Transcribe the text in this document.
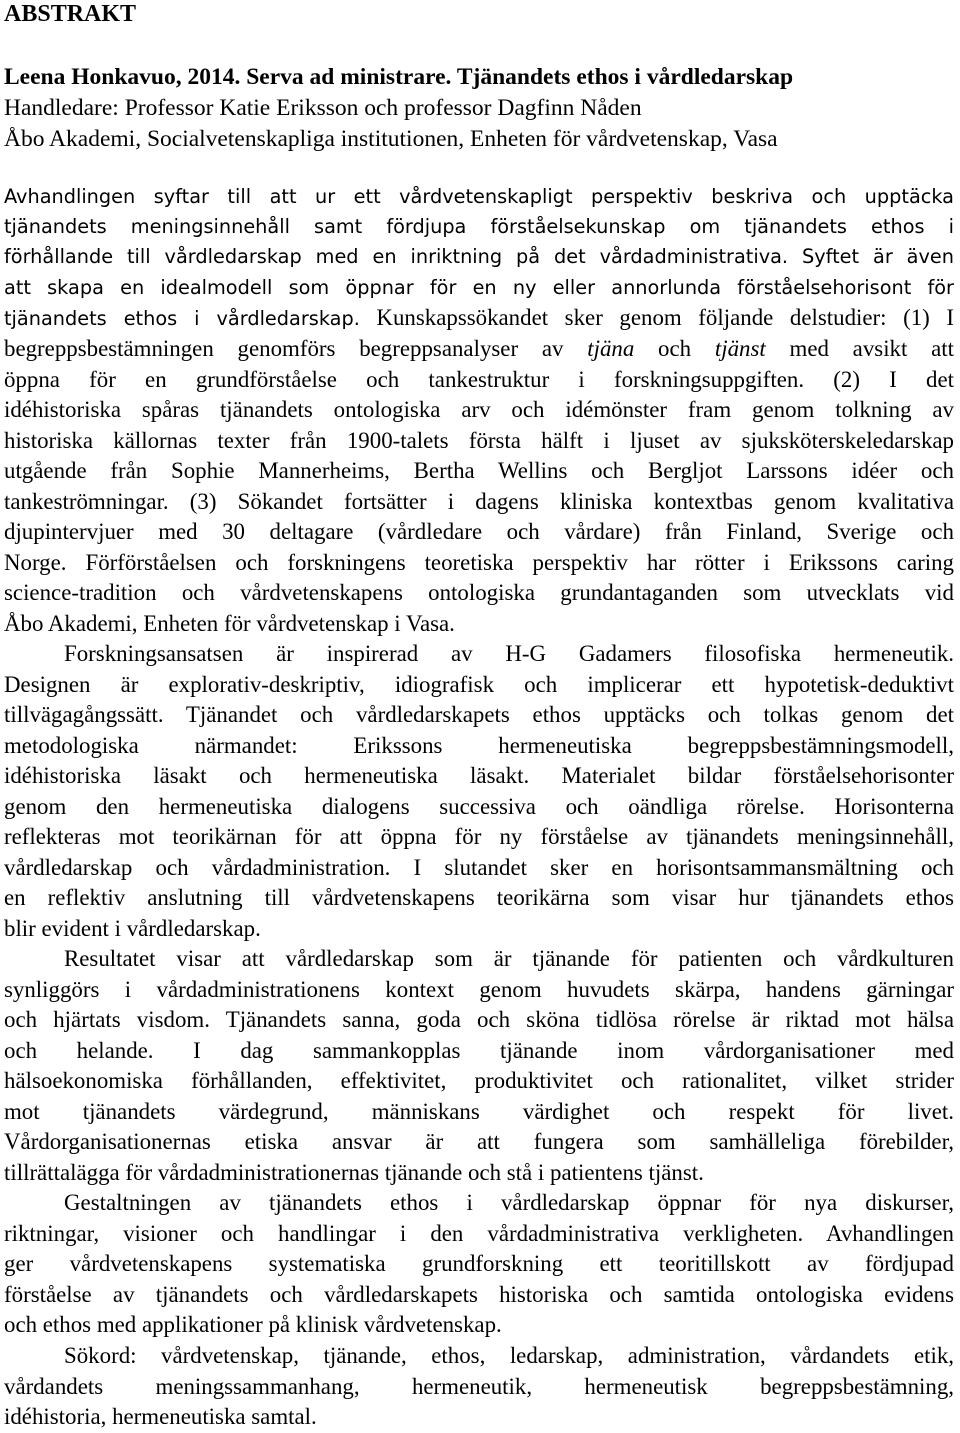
ABSTRAKT
Leena Honkavuo, 2014. Serva ad ministrare. Tjänandets ethos i vårdledarskap
Handledare: Professor Katie Eriksson och professor Dagfinn Nåden
Åbo Akademi, Socialvetenskapliga institutionen, Enheten för vårdvetenskap, Vasa
Avhandlingen syftar till att ur ett vårdvetenskapligt perspektiv beskriva och upptäcka
tjänandets meningsinnehåll samt fördjupa förståelsekunskap om tjänandets ethos i
förhållande till vårdledarskap med en inriktning på det vårdadministrativa. Syftet är även
att skapa en idealmodell som öppnar för en ny eller annorlunda förståelsehorisont för
tjänandets ethos i vårdledarskap. Kunskapssökandet sker genom följande delstudier: (1) I
begreppsbestämningen genomförs begreppsanalyser av tjäna och tjänst med avsikt att
öppna för en grundförståelse och tankestruktur i forskningsuppgiften. (2) I det
idéhistoriska spåras tjänandets ontologiska arv och idémönster fram genom tolkning av
historiska källornas texter från 1900-talets första hälft i ljuset av sjuksköterskeledarskap
utgående från Sophie Mannerheims, Bertha Wellins och Bergljot Larssons idéer och
tankeströmningar. (3) Sökandet fortsätter i dagens kliniska kontextbas genom kvalitativa
djupintervjuer med 30 deltagare (vårdledare och vårdare) från Finland, Sverige och
Norge. Förförståelsen och forskningens teoretiska perspektiv har rötter i Erikssons caring
science-tradition och vårdvetenskapens ontologiska grundantaganden som utvecklats vid
Åbo Akademi, Enheten för vårdvetenskap i Vasa.
Forskningsansatsen är inspirerad av H-G Gadamers filosofiska hermeneutik.
Designen är explorativ-deskriptiv, idiografisk och implicerar ett hypotetisk-deduktivt
tillvägagångssätt. Tjänandet och vårdledarskapets ethos upptäcks och tolkas genom det
metodologiska närmandet: Erikssons hermeneutiska begreppsbestämningsmodell,
idéhistoriska läsakt och hermeneutiska läsakt. Materialet bildar förståelsehorisonter
genom den hermeneutiska dialogens successiva och oändliga rörelse. Horisonterna
reflekteras mot teorikärnan för att öppna för ny förståelse av tjänandets meningsinnehåll,
vårdledarskap och vårdadministration. I slutandet sker en horisontsammansmältning och
en reflektiv anslutning till vårdvetenskapens teorikärna som visar hur tjänandets ethos
blir evident i vårdledarskap.
Resultatet visar att vårdledarskap som är tjänande för patienten och vårdkulturen
synliggörs i vårdadministrationens kontext genom huvudets skärpa, handens gärningar
och hjärtats visdom. Tjänandets sanna, goda och sköna tidlösa rörelse är riktad mot hälsa
och helande. I dag sammankopplas tjänande inom vårdorganisationer med
hälsoekonomiska förhållanden, effektivitet, produktivitet och rationalitet, vilket strider
mot tjänandets värdegrund, människans värdighet och respekt för livet.
Vårdorganisationernas etiska ansvar är att fungera som samhälleliga förebilder,
tillrättalägga för vårdadministrationernas tjänande och stå i patientens tjänst.
Gestaltningen av tjänandets ethos i vårdledarskap öppnar för nya diskurser,
riktningar, visioner och handlingar i den vårdadministrativa verkligheten. Avhandlingen
ger vårdvetenskapens systematiska grundforskning ett teoritillskott av fördjupad
förståelse av tjänandets och vårdledarskapets historiska och samtida ontologiska evidens
och ethos med applikationer på klinisk vårdvetenskap.
Sökord: vårdvetenskap, tjänande, ethos, ledarskap, administration, vårdandets etik,
vårdandets meningssammanhang, hermeneutik, hermeneutisk begreppsbestämning,
idéhistoria, hermeneutiska samtal.
